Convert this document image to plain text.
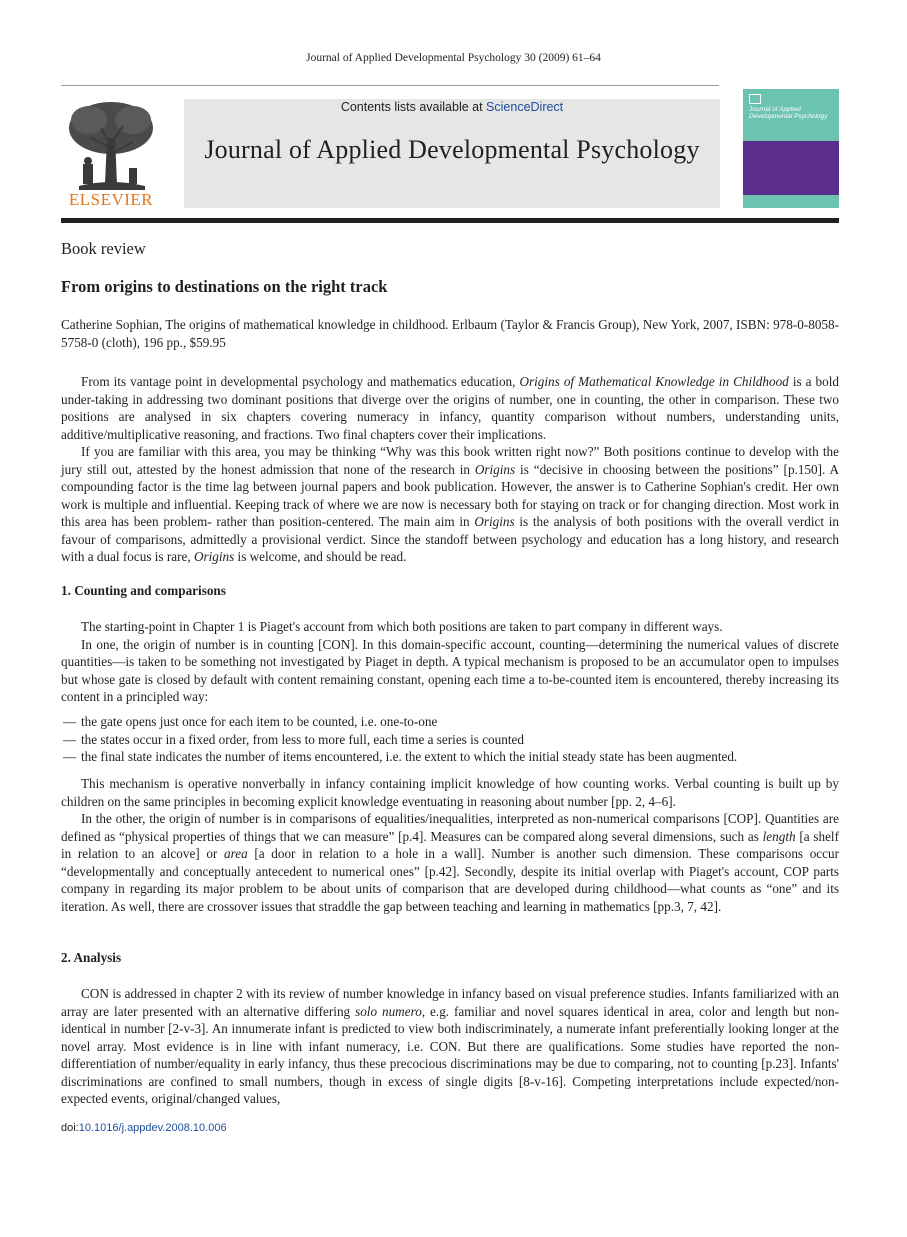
Journal of Applied Developmental Psychology 30 (2009) 61–64
ELSEVIER
Contents lists available at ScienceDirect
Journal of Applied Developmental Psychology
Journal of Applied Developmental Psychology
Book review
From origins to destinations on the right track
Catherine Sophian, The origins of mathematical knowledge in childhood. Erlbaum (Taylor & Francis Group), New York, 2007, ISBN: 978-0-8058-5758-0 (cloth), 196 pp., $59.95

From its vantage point in developmental psychology and mathematics education, Origins of Mathematical Knowledge in Childhood is a bold under-taking in addressing two dominant positions that diverge over the origins of number, one in counting, the other in comparison. These two positions are analysed in six chapters covering numeracy in infancy, quantity comparison without numbers, understanding units, additive/multiplicative reasoning, and fractions. Two final chapters cover their implications.

If you are familiar with this area, you may be thinking “Why was this book written right now?” Both positions continue to develop with the jury still out, attested by the honest admission that none of the research in Origins is “decisive in choosing between the positions” [p.150]. A compounding factor is the time lag between journal papers and book publication. However, the answer is to Catherine Sophian's credit. Her own work is multiple and influential. Keeping track of where we are now is necessary both for staying on track or for changing direction. Most work in this area has been problem- rather than position-centered. The main aim in Origins is the analysis of both positions with the overall verdict in favour of comparisons, admittedly a provisional verdict. Since the standoff between psychology and education has a long history, and research with a dual focus is rare, Origins is welcome, and should be read.

1. Counting and comparisons

The starting-point in Chapter 1 is Piaget's account from which both positions are taken to part company in different ways.

In one, the origin of number is in counting [CON]. In this domain-specific account, counting—determining the numerical values of discrete quantities—is taken to be something not investigated by Piaget in depth. A typical mechanism is proposed to be an accumulator open to impulses but whose gate is closed by default with content remaining constant, opening each time a to-be-counted item is encountered, thereby increasing its content in a principled way:

— the gate opens just once for each item to be counted, i.e. one-to-one
— the states occur in a fixed order, from less to more full, each time a series is counted
— the final state indicates the number of items encountered, i.e. the extent to which the initial steady state has been augmented.

This mechanism is operative nonverbally in infancy containing implicit knowledge of how counting works. Verbal counting is built up by children on the same principles in becoming explicit knowledge eventuating in reasoning about number [pp. 2, 4–6].

In the other, the origin of number is in comparisons of equalities/inequalities, interpreted as non-numerical comparisons [COP]. Quantities are defined as “physical properties of things that we can measure” [p.4]. Measures can be compared along several dimensions, such as length [a shelf in relation to an alcove] or area [a door in relation to a hole in a wall]. Number is another such dimension. These comparisons occur “developmentally and conceptually antecedent to numerical ones” [p.42]. Secondly, despite its initial overlap with Piaget's account, COP parts company in regarding its major problem to be about units of comparison that are developed during childhood—what counts as “one” and its iteration. As well, there are crossover issues that straddle the gap between teaching and learning in mathematics [pp.3, 7, 42].

2. Analysis

CON is addressed in chapter 2 with its review of number knowledge in infancy based on visual preference studies. Infants familiarized with an array are later presented with an alternative differing solo numero, e.g. familiar and novel squares identical in area, color and length but non-identical in number [2-v-3]. An innumerate infant is predicted to view both indiscriminately, a numerate infant preferentially looking longer at the novel array. Most evidence is in line with infant numeracy, i.e. CON. But there are qualifications. Some studies have reported the non-differentiation of number/equality in early infancy, thus these precocious discriminations may be due to comparing, not to counting [p.23]. Infants' discriminations are confined to small numbers, though in excess of single digits [8-v-16]. Competing interpretations include expected/non-expected events, original/changed values,

doi:10.1016/j.appdev.2008.10.006
